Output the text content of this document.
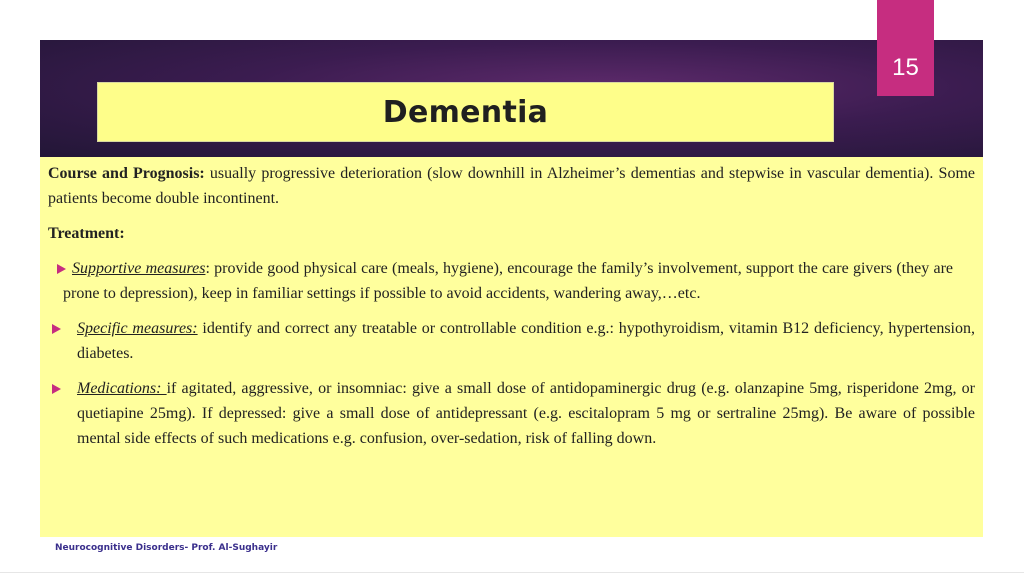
15
Dementia

Course and Prognosis: usually progressive deterioration (slow downhill in Alzheimer’s dementias and stepwise in vascular dementia). Some patients become double incontinent.

Treatment:

Supportive measures: provide good physical care (meals, hygiene), encourage the family’s involvement, support the care givers (they are prone to depression), keep in familiar settings if possible to avoid accidents, wandering away,…etc.
Specific measures: identify and correct any treatable or controllable condition e.g.: hypothyroidism, vitamin B12 deficiency, hypertension, diabetes.
Medications: if agitated, aggressive, or insomniac: give a small dose of antidopaminergic drug (e.g. olanzapine 5mg, risperidone 2mg, or quetiapine 25mg). If depressed: give a small dose of antidepressant (e.g. escitalopram 5 mg or sertraline 25mg). Be aware of possible mental side effects of such medications e.g. confusion, over-sedation, risk of falling down.
Neurocognitive Disorders- Prof. Al-Sughayir
